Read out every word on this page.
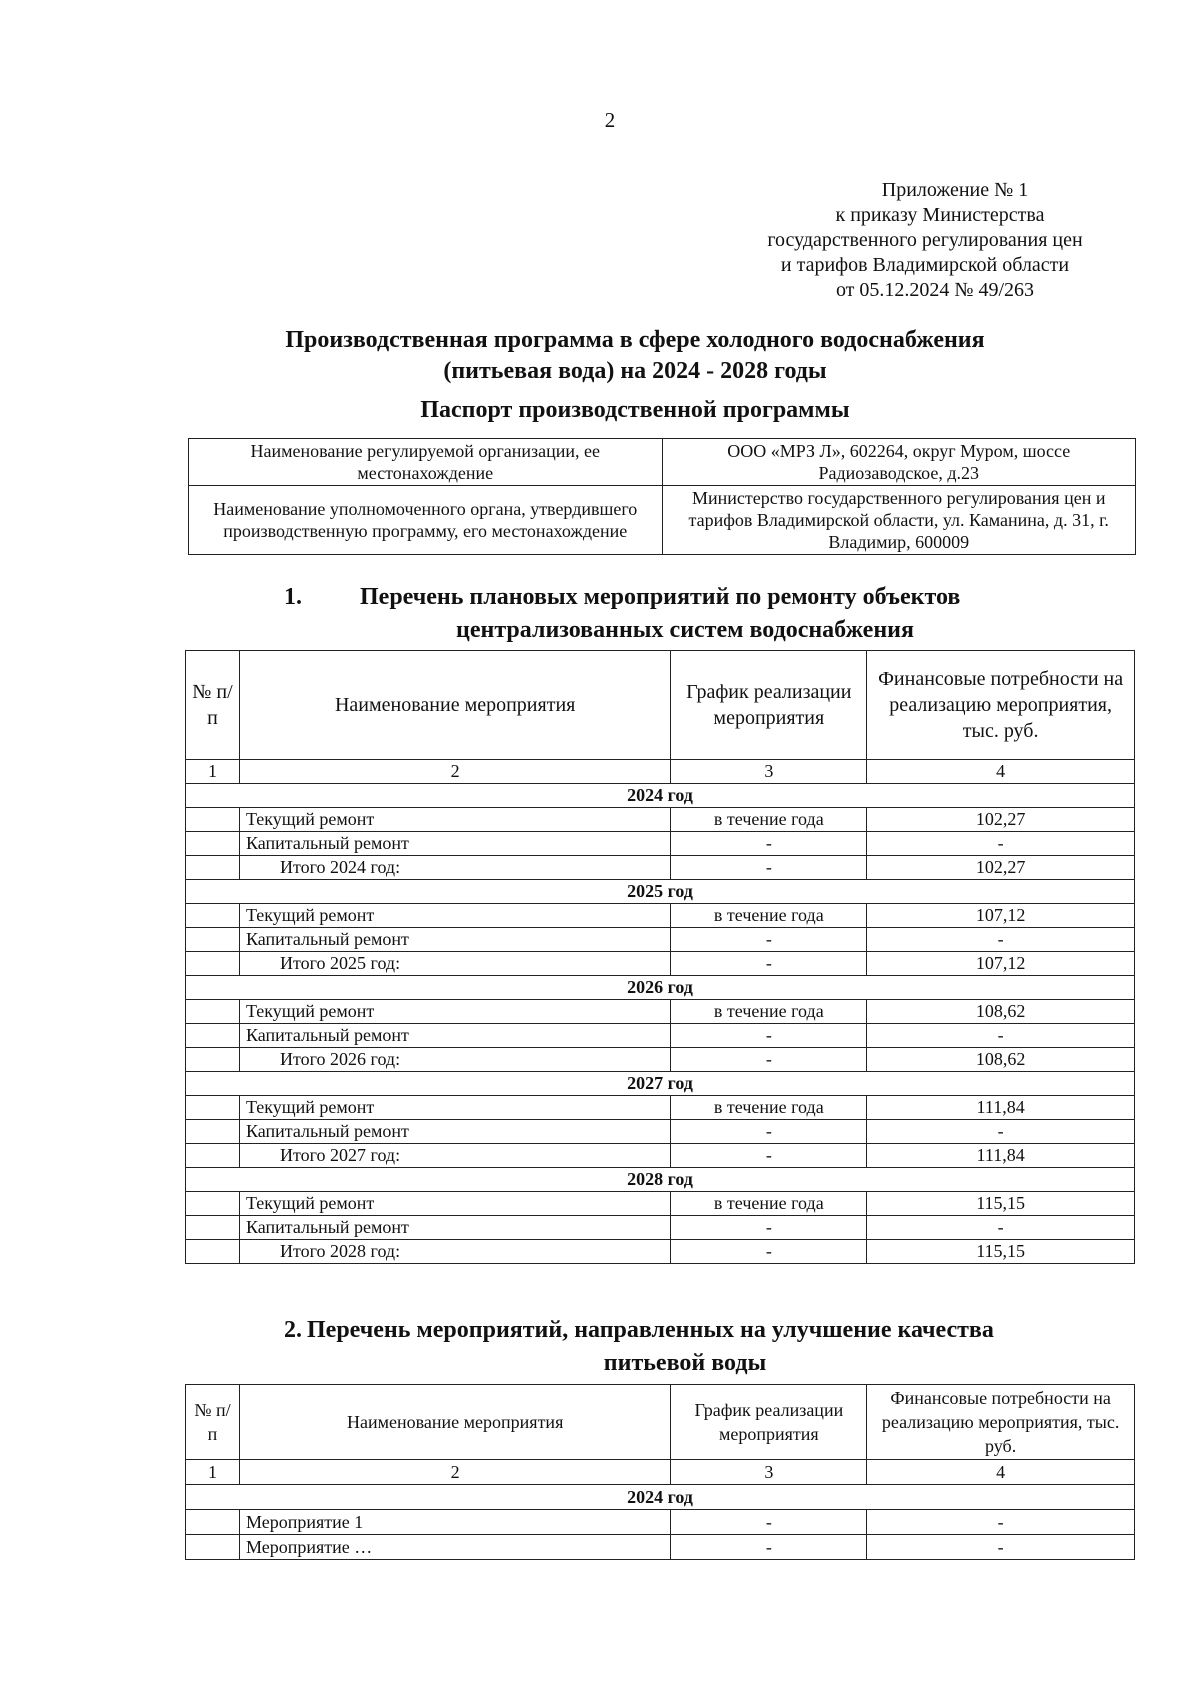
2
Приложение № 1
к приказу Министерства
государственного регулирования цен
и тарифов Владимирской области
от 05.12.2024 № 49/263
Производственная программа в сфере холодного водоснабжения
(питьевая вода) на 2024 - 2028 годы
Паспорт производственной программы
Наименование регулируемой организации, ее местонахождение	ООО «МРЗ Л», 602264, округ Муром, шоссе Радиозаводское, д.23
Наименование уполномоченного органа, утвердившего производственную программу, его местонахождение	Министерство государственного регулирования цен и тарифов Владимирской области, ул. Каманина, д. 31, г. Владимир, 600009
1.	Перечень плановых мероприятий по ремонту объектов
централизованных систем водоснабжения
№ п/п	Наименование мероприятия	График реализации мероприятия	Финансовые потребности на реализацию мероприятия, тыс. руб.
1	2	3	4
2024 год			
	Текущий ремонт	в течение года	102,27
	Капитальный ремонт	-	-
	Итого 2024 год:	-	102,27
2025 год			
	Текущий ремонт	в течение года	107,12
	Капитальный ремонт	-	-
	Итого 2025 год:	-	107,12
2026 год			
	Текущий ремонт	в течение года	108,62
	Капитальный ремонт	-	-
	Итого 2026 год:	-	108,62
2027 год			
	Текущий ремонт	в течение года	111,84
	Капитальный ремонт	-	-
	Итого 2027 год:	-	111,84
2028 год			
	Текущий ремонт	в течение года	115,15
	Капитальный ремонт	-	-
	Итого 2028 год:	-	115,15
2. Перечень мероприятий, направленных на улучшение качества
питьевой воды
№ п/п	Наименование мероприятия	График реализации мероприятия	Финансовые потребности на реализацию мероприятия, тыс. руб.
1	2	3	4
2024 год			
	Мероприятие 1	-	-
	Мероприятие …	-	-
